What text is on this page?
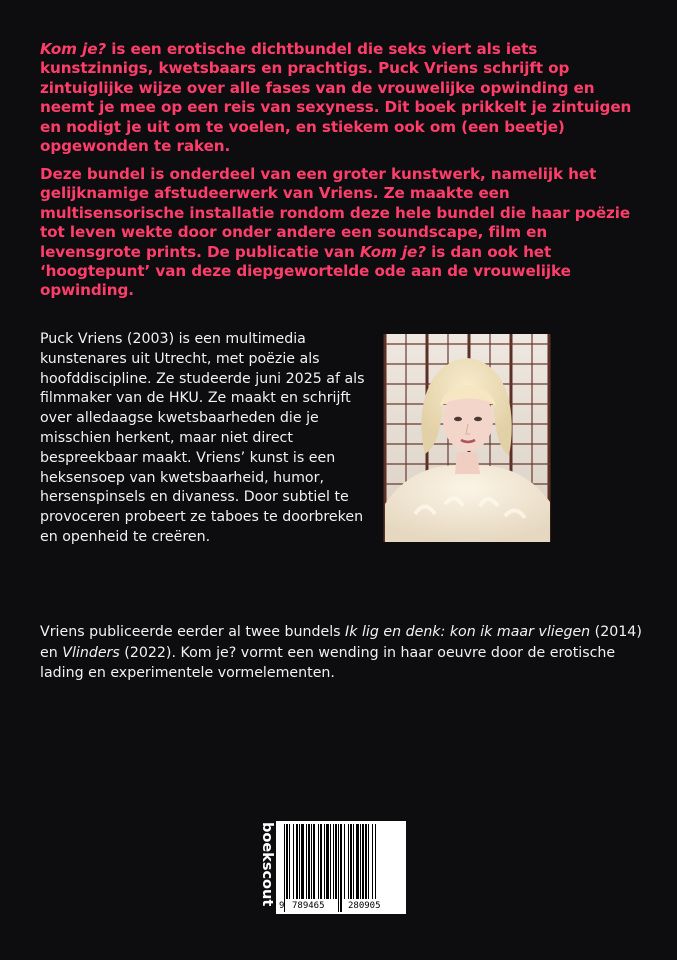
Kom je? is een erotische dichtbundel die seks viert als iets kunstzinnigs, kwetsbaars en prachtigs. Puck Vriens schrijft op zintuiglijke wijze over alle fases van de vrouwelijke opwinding en neemt je mee op een reis van sexyness. Dit boek prikkelt je zintuigen en nodigt je uit om te voelen, en stiekem ook om (een beetje) opgewonden te raken.
Deze bundel is onderdeel van een groter kunstwerk, namelijk het gelijknamige afstudeerwerk van Vriens. Ze maakte een multisensorische installatie rondom deze hele bundel die haar poëzie tot leven wekte door onder andere een soundscape, film en levensgrote prints. De publicatie van Kom je? is dan ook het ‘hoogtepunt’ van deze diepgewortelde ode aan de vrouwelijke opwinding.
Puck Vriens (2003) is een multimedia kunstenares uit Utrecht, met poëzie als hoofddiscipline. Ze studeerde juni 2025 af als filmmaker van de HKU. Ze maakt en schrijft over alledaagse kwetsbaarheden die je misschien herkent, maar niet direct bespreekbaar maakt. Vriens’ kunst is een heksensoep van kwetsbaarheid, humor, hersenspinsels en divaness. Door subtiel te provoceren probeert ze taboes te doorbreken en openheid te creëren.
Vriens publiceerde eerder al twee bundels Ik lig en denk: kon ik maar vliegen (2014) en Vlinders (2022). Kom je? vormt een wending in haar oeuvre door de erotische lading en experimentele vormelementen.
boekscout 9 789465	280905
